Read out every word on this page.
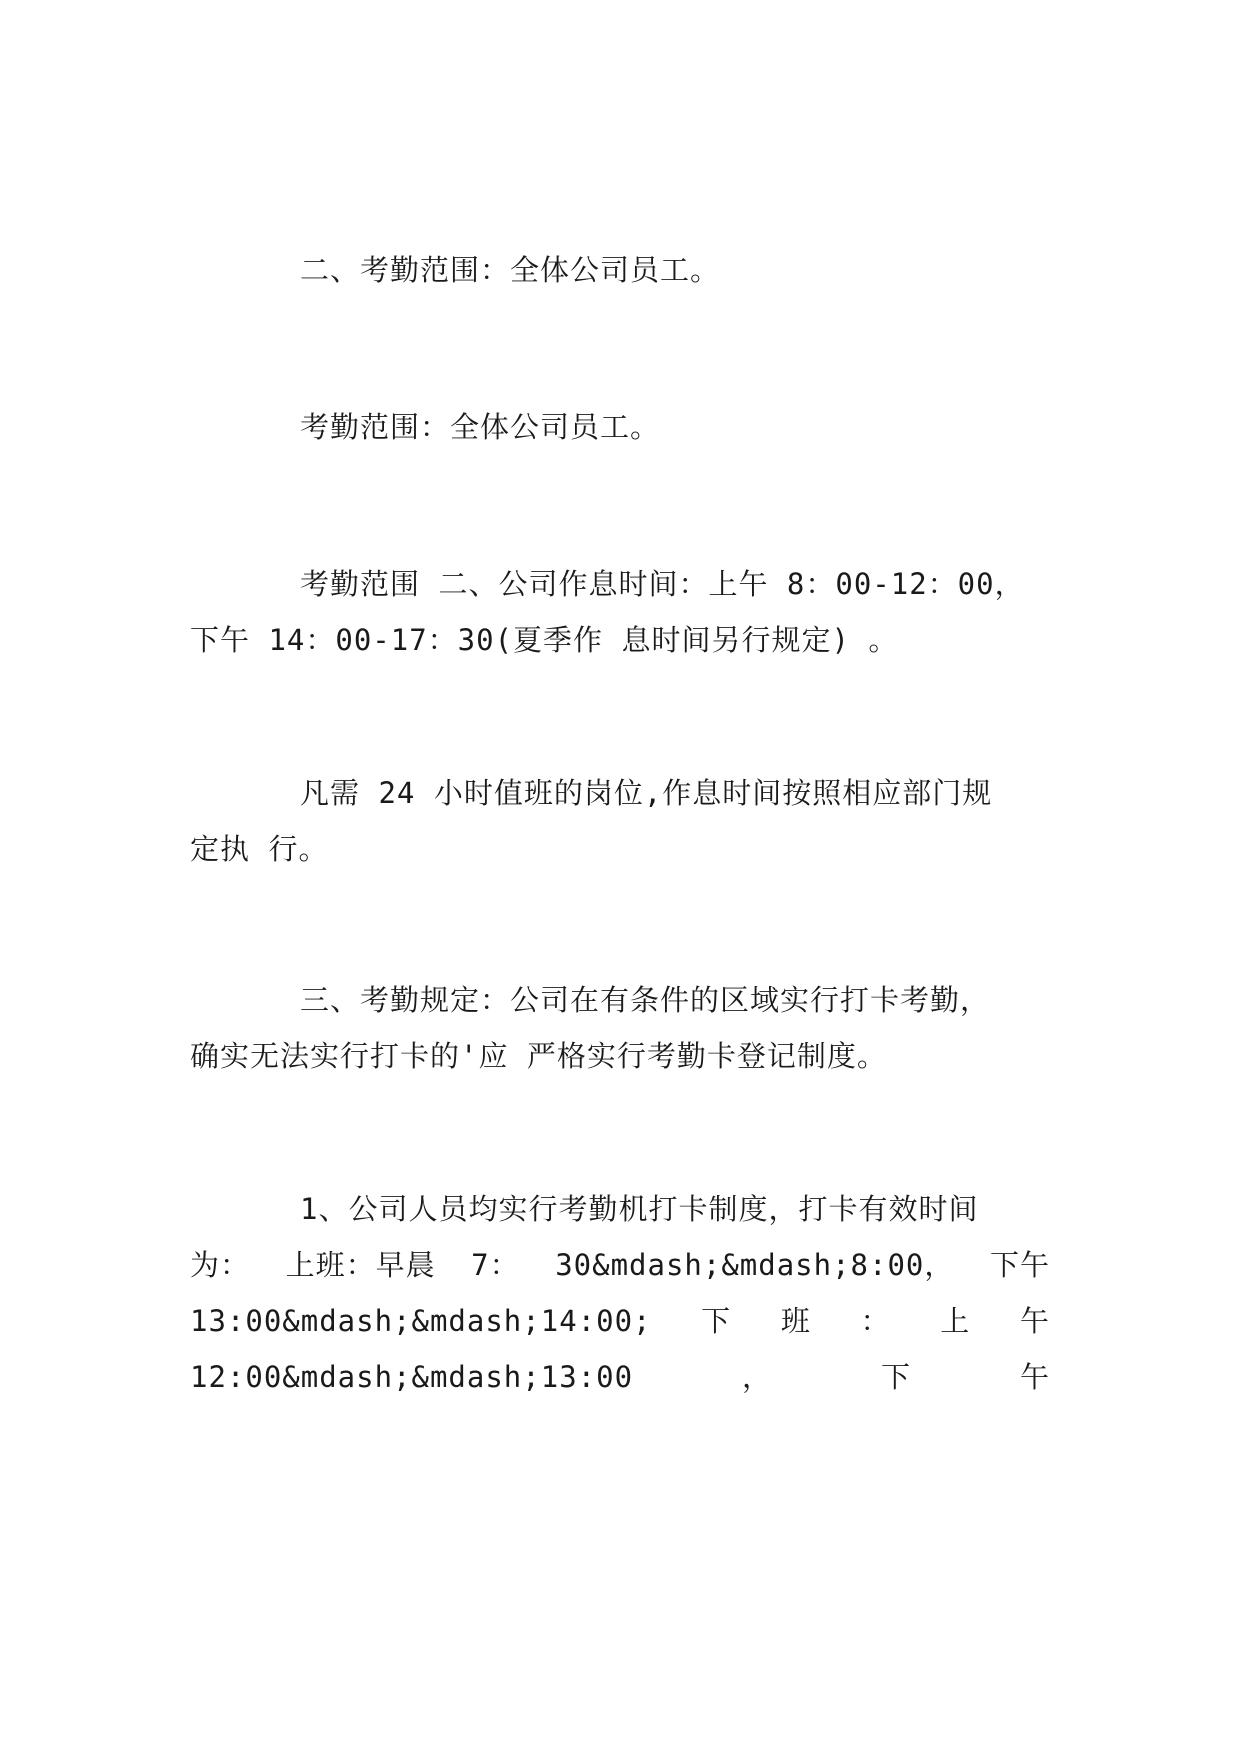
二、考勤范围：全体公司员工。
考勤范围：全体公司员工。
考勤范围 二、公司作息时间：上午 8：00-12：00，
下午 14：00-17：30(夏季作 息时间另行规定) 。
凡需 24 小时值班的岗位,作息时间按照相应部门规
定执 行。
三、考勤规定：公司在有条件的区域实行打卡考勤，
确实无法实行打卡的'应 严格实行考勤卡登记制度。
1、公司人员均实行考勤机打卡制度，打卡有效时间
为： 上班：早晨 7： 30&mdash;&mdash;8:00， 下午
13:00&mdash;&mdash;14:00; 下 班 ： 上 午
12:00&mdash;&mdash;13:00	，	下	午
